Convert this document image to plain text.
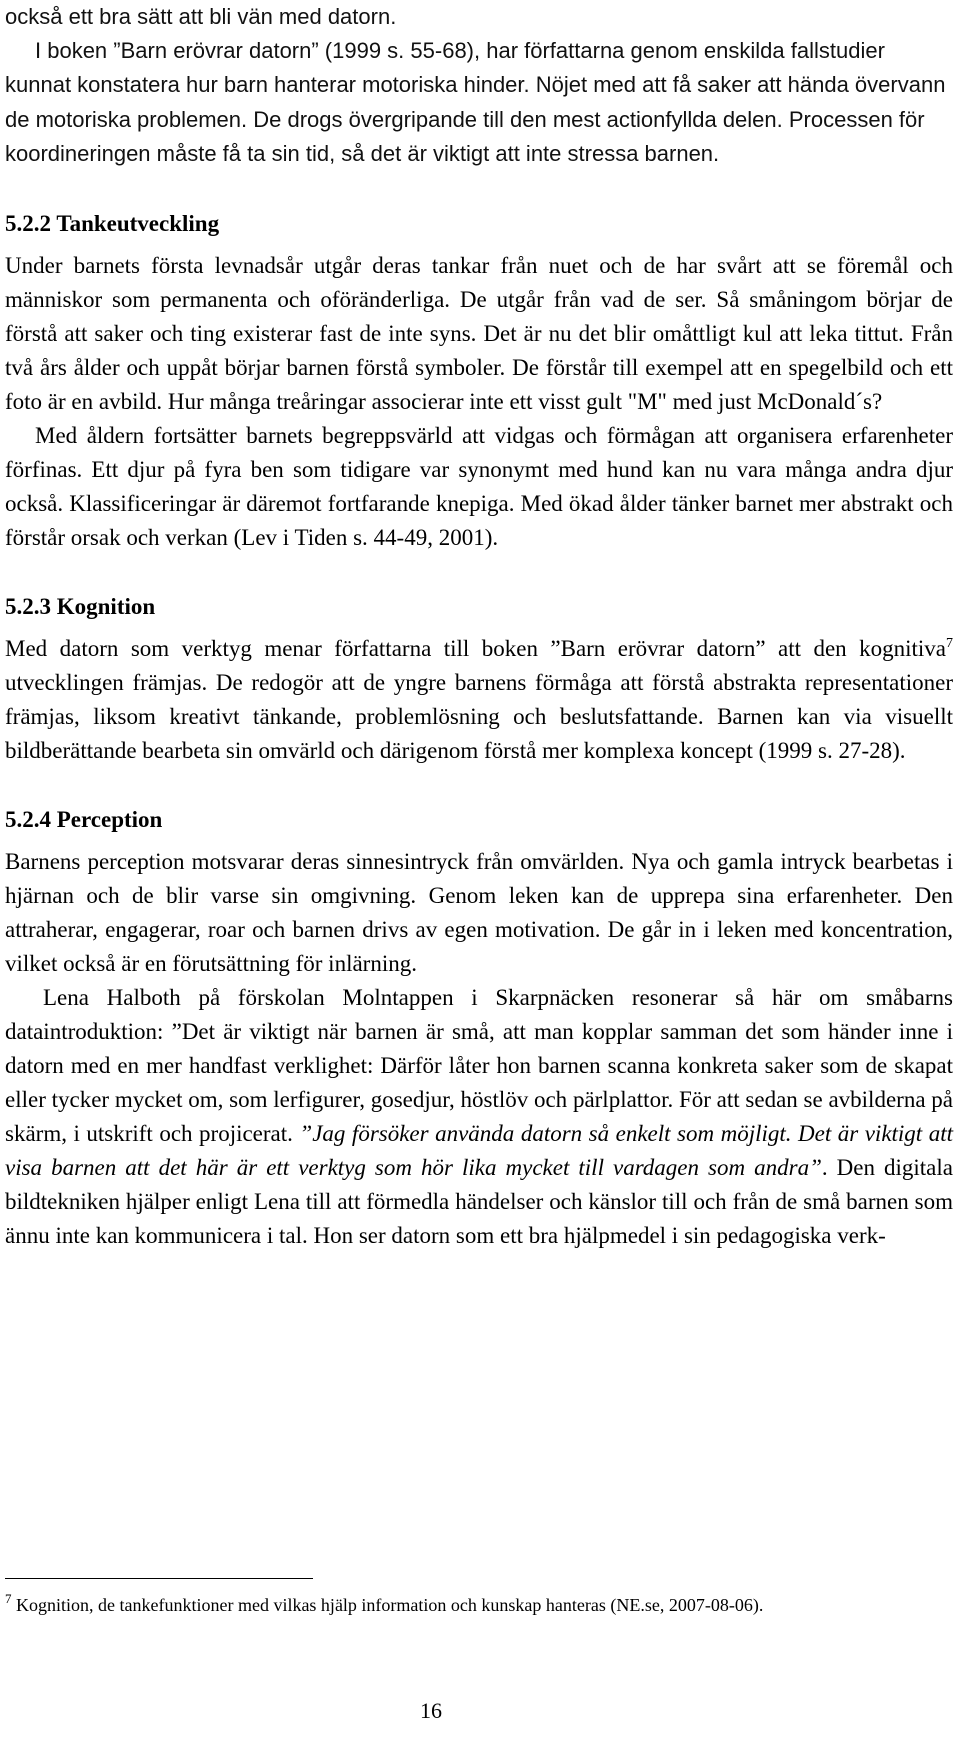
också ett bra sätt att bli vän med datorn.

I boken ”Barn erövrar datorn” (1999 s. 55-68), har författarna genom enskilda fallstudier kunnat konstatera hur barn hanterar motoriska hinder. Nöjet med att få saker att hända övervann de motoriska problemen. De drogs övergripande till den mest actionfyllda delen. Processen för koordineringen måste få ta sin tid, så det är viktigt att inte stressa barnen.

5.2.2 Tankeutveckling

Under barnets första levnadsår utgår deras tankar från nuet och de har svårt att se föremål och människor som permanenta och oföränderliga. De utgår från vad de ser. Så småningom börjar de förstå att saker och ting existerar fast de inte syns. Det är nu det blir omåttligt kul att leka tittut. Från två års ålder och uppåt börjar barnen förstå symboler. De förstår till exempel att en spegelbild och ett foto är en avbild. Hur många treåringar associerar inte ett visst gult "M" med just McDonald´s?

Med åldern fortsätter barnets begreppsvärld att vidgas och förmågan att organisera erfarenheter förfinas. Ett djur på fyra ben som tidigare var synonymt med hund kan nu vara många andra djur också. Klassificeringar är däremot fortfarande knepiga. Med ökad ålder tänker barnet mer abstrakt och förstår orsak och verkan (Lev i Tiden s. 44-49, 2001).

5.2.3 Kognition

Med datorn som verktyg menar författarna till boken ”Barn erövrar datorn” att den kognitiva$^7$ utvecklingen främjas. De redogör att de yngre barnens förmåga att förstå abstrakta representationer främjas, liksom kreativt tänkande, problemlösning och beslutsfattande. Barnen kan via visuellt bildberättande bearbeta sin omvärld och därigenom förstå mer komplexa koncept (1999 s. 27-28).

5.2.4 Perception

Barnens perception motsvarar deras sinnesintryck från omvärlden. Nya och gamla intryck bearbetas i hjärnan och de blir varse sin omgivning. Genom leken kan de upprepa sina erfarenheter. Den attraherar, engagerar, roar och barnen drivs av egen motivation. De går in i leken med koncentration, vilket också är en förutsättning för inlärning.

Lena Halboth på förskolan Molntappen i Skarpnäcken resonerar så här om småbarns dataintroduktion: ”Det är viktigt när barnen är små, att man kopplar samman det som händer inne i datorn med en mer handfast verklighet: Därför låter hon barnen scanna konkreta saker som de skapat eller tycker mycket om, som lerfigurer, gosedjur, höstlöv och pärlplattor. För att sedan se avbilderna på skärm, i utskrift och projicerat. ”Jag försöker använda datorn så enkelt som möjligt. Det är viktigt att visa barnen att det här är ett verktyg som hör lika mycket till vardagen som andra”. Den digitala bildtekniken hjälper enligt Lena till att förmedla händelser och känslor till och från de små barnen som ännu inte kan kommunicera i tal. Hon ser datorn som ett bra hjälpmedel i sin pedagogiska verk-

$^7$ Kognition, de tankefunktioner med vilkas hjälp information och kunskap hanteras (NE.se, 2007-08-06).
16
